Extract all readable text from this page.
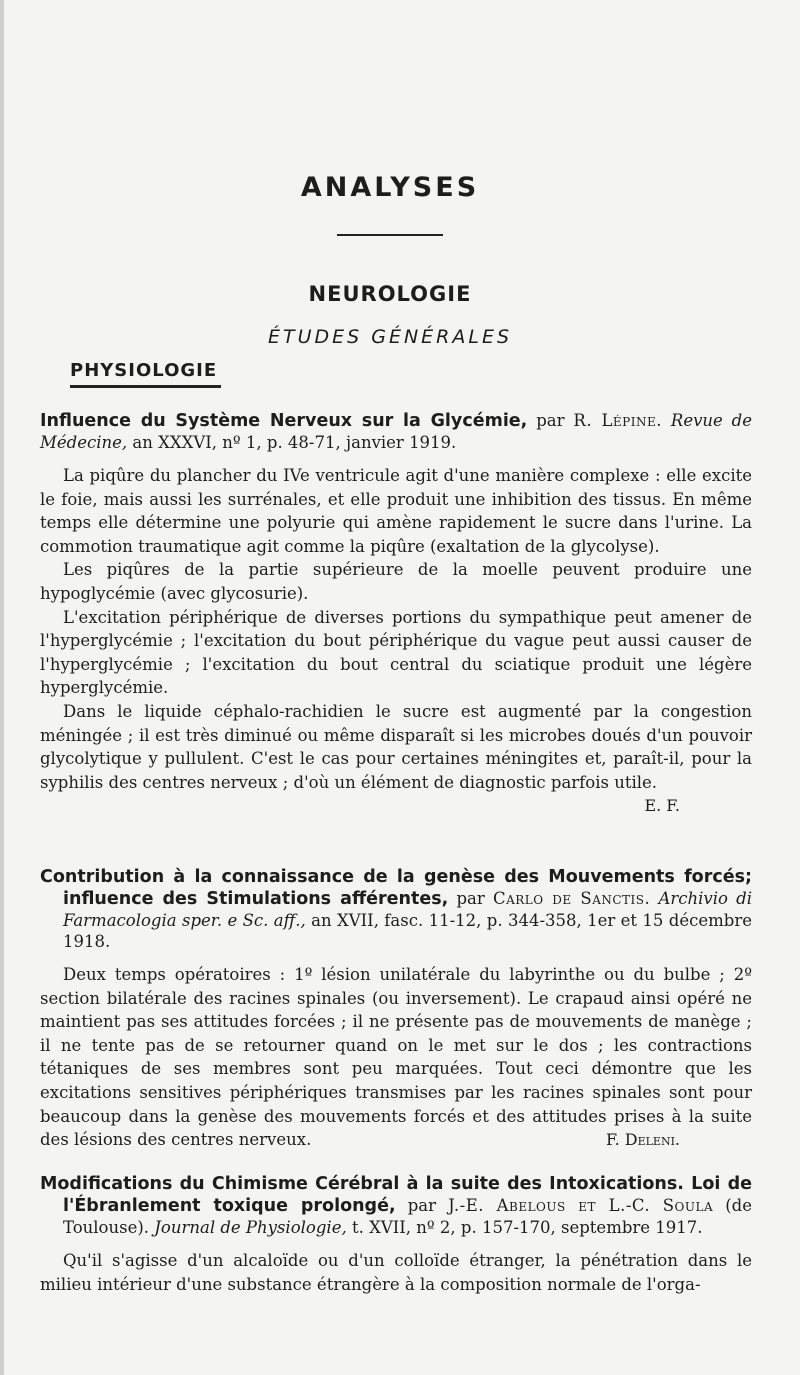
ANALYSES
NEUROLOGIE
ÉTUDES GÉNÉRALES
PHYSIOLOGIE

Influence du Système Nerveux sur la Glycémie, par R. Lépine. Revue de Médecine, an XXXVI, nº 1, p. 48-71, janvier 1919.

La piqûre du plancher du IVe ventricule agit d'une manière complexe : elle excite le foie, mais aussi les surrénales, et elle produit une inhibition des tissus. En même temps elle détermine une polyurie qui amène rapidement le sucre dans l'urine. La commotion traumatique agit comme la piqûre (exaltation de la glycolyse).

Les piqûres de la partie supérieure de la moelle peuvent produire une hypoglycémie (avec glycosurie).

L'excitation périphérique de diverses portions du sympathique peut amener de l'hyperglycémie ; l'excitation du bout périphérique du vague peut aussi causer de l'hyperglycémie ; l'excitation du bout central du sciatique produit une légère hyperglycémie.

Dans le liquide céphalo-rachidien le sucre est augmenté par la congestion méningée ; il est très diminué ou même disparaît si les microbes doués d'un pouvoir glycolytique y pullulent. C'est le cas pour certaines méningites et, paraît-il, pour la syphilis des centres nerveux ; d'où un élément de diagnostic parfois utile.

E. F.

Contribution à la connaissance de la genèse des Mouvements forcés; influence des Stimulations afférentes, par Carlo de Sanctis. Archivio di Farmacologia sper. e Sc. aff., an XVII, fasc. 11-12, p. 344-358, 1er et 15 décembre 1918.

Deux temps opératoires : 1º lésion unilatérale du labyrinthe ou du bulbe ; 2º section bilatérale des racines spinales (ou inversement). Le crapaud ainsi opéré ne maintient pas ses attitudes forcées ; il ne présente pas de mouvements de manège ; il ne tente pas de se retourner quand on le met sur le dos ; les contractions tétaniques de ses membres sont peu marquées. Tout ceci démontre que les excitations sensitives périphériques transmises par les racines spinales sont pour beaucoup dans la genèse des mouvements forcés et des attitudes prises à la suite des lésions des centres nerveux.	F. Deleni.

Modifications du Chimisme Cérébral à la suite des Intoxications. Loi de l'Ébranlement toxique prolongé, par J.-E. Abelous et L.-C. Soula (de Toulouse). Journal de Physiologie, t. XVII, nº 2, p. 157-170, septembre 1917.

Qu'il s'agisse d'un alcaloïde ou d'un colloïde étranger, la pénétration dans le milieu intérieur d'une substance étrangère à la composition normale de l'orga-
